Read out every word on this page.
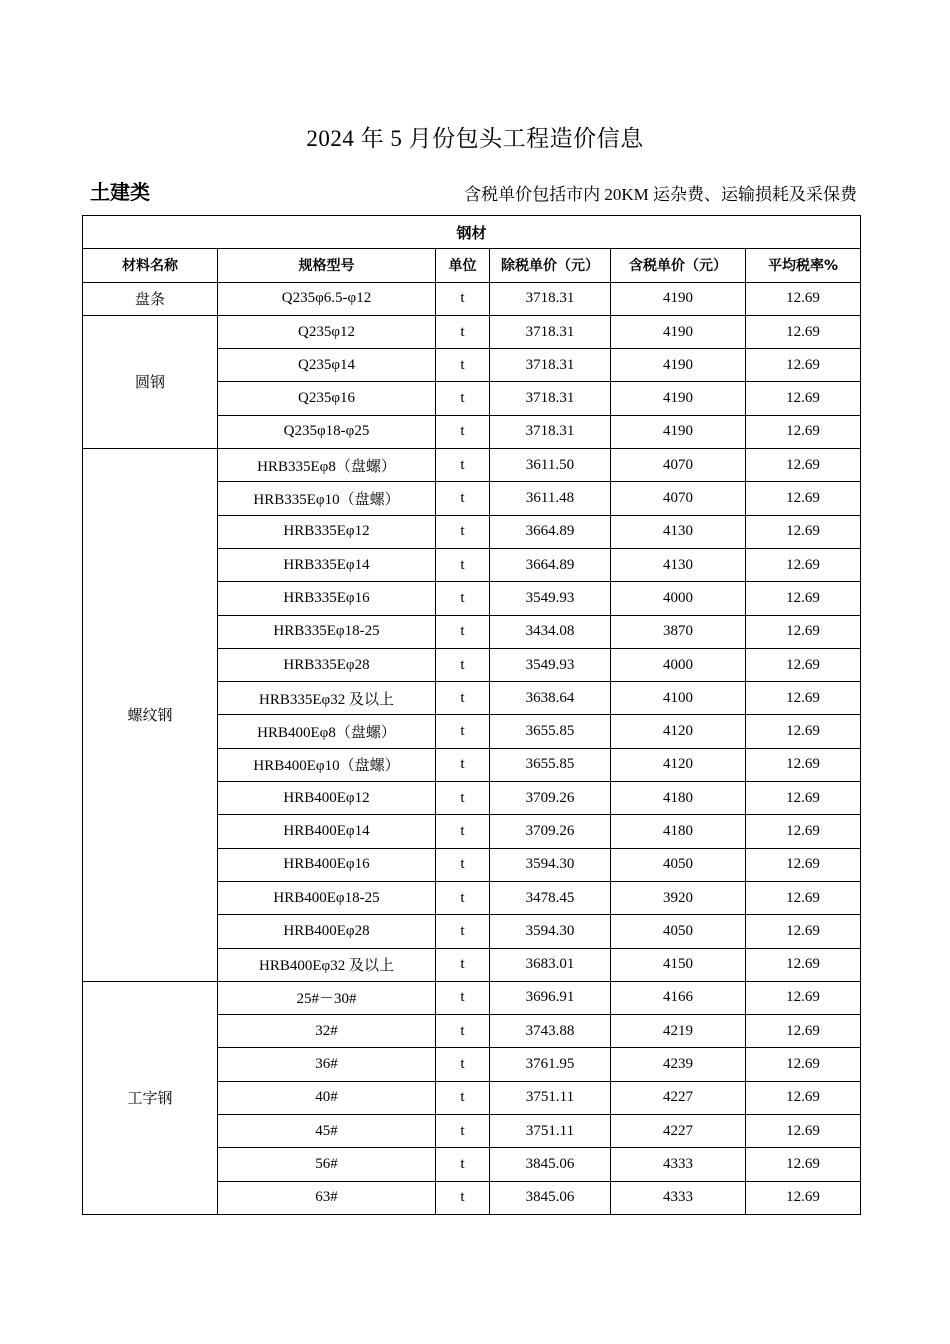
2024 年 5 月份包头工程造价信息
土建类	含税单价包括市内 20KM 运杂费、运输损耗及采保费
钢材					
材料名称	规格型号	单位	除税单价（元）	含税单价（元）	平均税率%
盘条	Q235φ6.5-φ12	t	3718.31	4190	12.69
圆钢	Q235φ12	t	3718.31	4190	12.69
	Q235φ14	t	3718.31	4190	12.69
	Q235φ16	t	3718.31	4190	12.69
	Q235φ18-φ25	t	3718.31	4190	12.69
螺纹钢	HRB335Eφ8（盘螺）	t	3611.50	4070	12.69
	HRB335Eφ10（盘螺）	t	3611.48	4070	12.69
	HRB335Eφ12	t	3664.89	4130	12.69
	HRB335Eφ14	t	3664.89	4130	12.69
	HRB335Eφ16	t	3549.93	4000	12.69
	HRB335Eφ18-25	t	3434.08	3870	12.69
	HRB335Eφ28	t	3549.93	4000	12.69
	HRB335Eφ32 及以上	t	3638.64	4100	12.69
	HRB400Eφ8（盘螺）	t	3655.85	4120	12.69
	HRB400Eφ10（盘螺）	t	3655.85	4120	12.69
	HRB400Eφ12	t	3709.26	4180	12.69
	HRB400Eφ14	t	3709.26	4180	12.69
	HRB400Eφ16	t	3594.30	4050	12.69
	HRB400Eφ18-25	t	3478.45	3920	12.69
	HRB400Eφ28	t	3594.30	4050	12.69
	HRB400Eφ32 及以上	t	3683.01	4150	12.69
工字钢	25#－30#	t	3696.91	4166	12.69
	32#	t	3743.88	4219	12.69
	36#	t	3761.95	4239	12.69
	40#	t	3751.11	4227	12.69
	45#	t	3751.11	4227	12.69
	56#	t	3845.06	4333	12.69
	63#	t	3845.06	4333	12.69
